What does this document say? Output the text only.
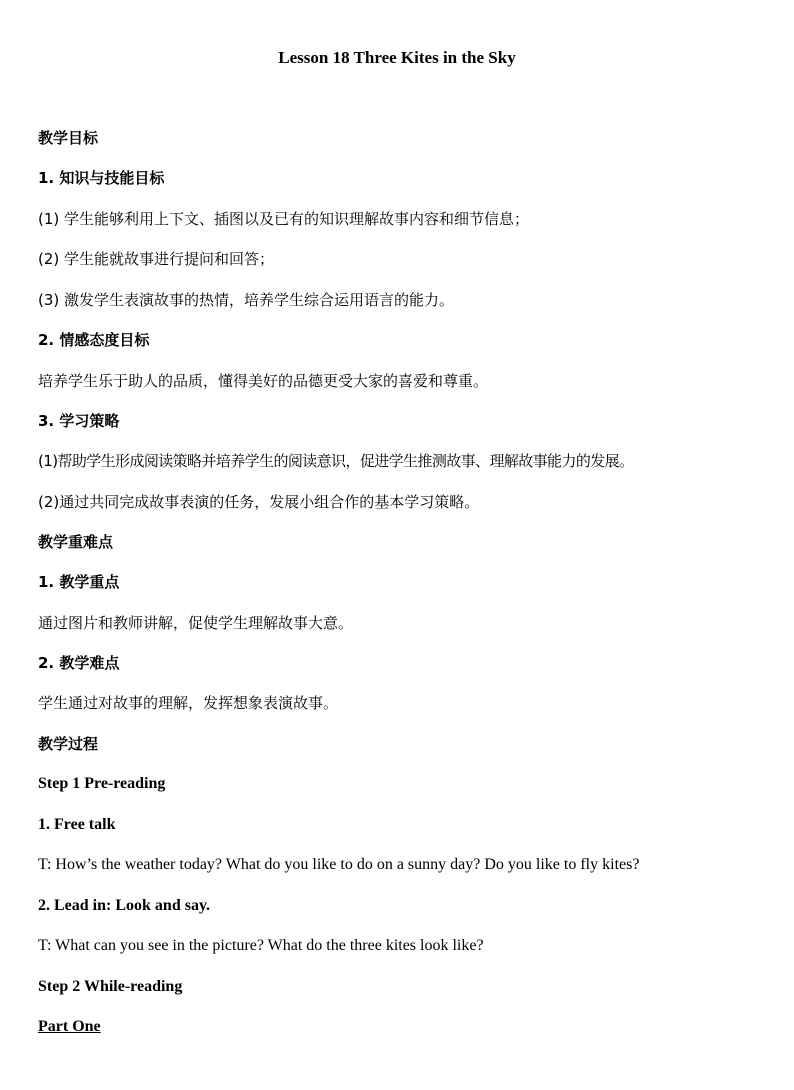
Lesson 18 Three Kites in the Sky
教学目标
1. 知识与技能目标
(1) 学生能够利用上下文、插图以及已有的知识理解故事内容和细节信息；
(2) 学生能就故事进行提问和回答；
(3) 激发学生表演故事的热情，培养学生综合运用语言的能力。
2. 情感态度目标
培养学生乐于助人的品质，懂得美好的品德更受大家的喜爱和尊重。
3. 学习策略
(1)帮助学生形成阅读策略并培养学生的阅读意识，促进学生推测故事、理解故事能力的发展。
(2)通过共同完成故事表演的任务，发展小组合作的基本学习策略。
教学重难点
1. 教学重点
通过图片和教师讲解，促使学生理解故事大意。
2. 教学难点
学生通过对故事的理解，发挥想象表演故事。
教学过程
Step 1 Pre-reading
1. Free talk
T: How’s the weather today? What do you like to do on a sunny day? Do you like to fly kites?
2. Lead in: Look and say.
T: What can you see in the picture? What do the three kites look like?
Step 2 While-reading
Part One
